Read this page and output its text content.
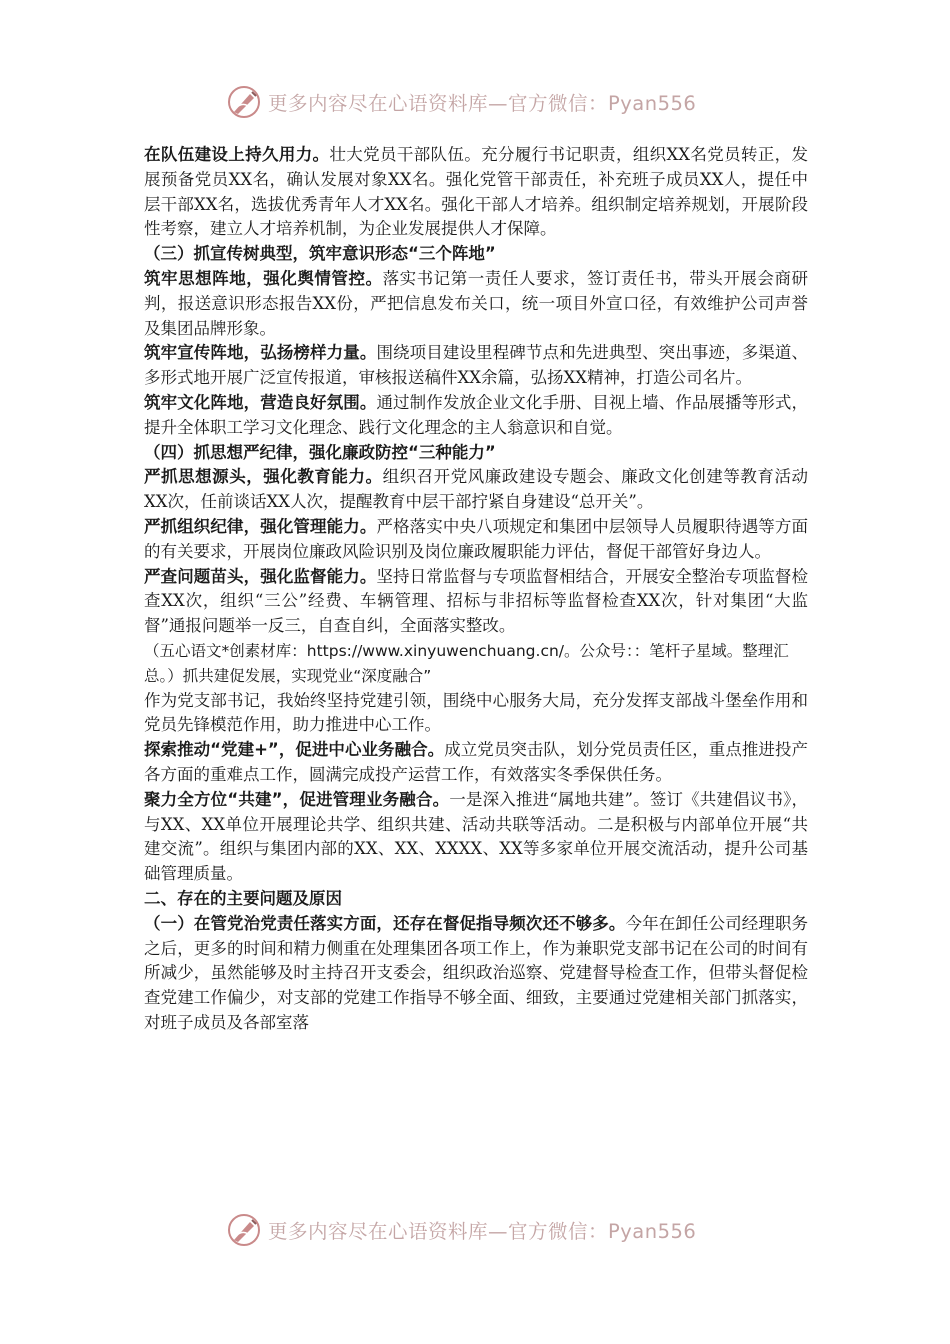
更多内容尽在心语资料库—官方微信：Pyan556

在队伍建设上持久用力。壮大党员干部队伍。充分履行书记职责，组织XX名党员转正，发展预备党员XX名，确认发展对象XX名。强化党管干部责任，补充班子成员XX人，提任中层干部XX名，选拔优秀青年人才XX名。强化干部人才培养。组织制定培养规划，开展阶段性考察，建立人才培养机制，为企业发展提供人才保障。

（三）抓宣传树典型，筑牢意识形态“三个阵地”

筑牢思想阵地，强化舆情管控。落实书记第一责任人要求，签订责任书，带头开展会商研判，报送意识形态报告XX份，严把信息发布关口，统一项目外宣口径，有效维护公司声誉及集团品牌形象。

筑牢宣传阵地，弘扬榜样力量。围绕项目建设里程碑节点和先进典型、突出事迹，多渠道、多形式地开展广泛宣传报道，审核报送稿件XX余篇，弘扬XX精神，打造公司名片。

筑牢文化阵地，营造良好氛围。通过制作发放企业文化手册、目视上墙、作品展播等形式，提升全体职工学习文化理念、践行文化理念的主人翁意识和自觉。

（四）抓思想严纪律，强化廉政防控“三种能力”

严抓思想源头，强化教育能力。组织召开党风廉政建设专题会、廉政文化创建等教育活动XX次，任前谈话XX人次，提醒教育中层干部拧紧自身建设“总开关”。

严抓组织纪律，强化管理能力。严格落实中央八项规定和集团中层领导人员履职待遇等方面的有关要求，开展岗位廉政风险识别及岗位廉政履职能力评估，督促干部管好身边人。

严查问题苗头，强化监督能力。坚持日常监督与专项监督相结合，开展安全整治专项监督检查XX次，组织“三公”经费、车辆管理、招标与非招标等监督检查XX次，针对集团“大监督”通报问题举一反三，自查自纠，全面落实整改。

（五心语文*创素材库：https://www.xinyuwenchuang.cn/。公众号：：笔杆子星域。整理汇总。）抓共建促发展，实现党业“深度融合”

作为党支部书记，我始终坚持党建引领，围绕中心服务大局，充分发挥支部战斗堡垒作用和党员先锋模范作用，助力推进中心工作。

探索推动“党建+”，促进中心业务融合。成立党员突击队，划分党员责任区，重点推进投产各方面的重难点工作，圆满完成投产运营工作，有效落实冬季保供任务。

聚力全方位“共建”，促进管理业务融合。一是深入推进“属地共建”。签订《共建倡议书》，与XX、XX单位开展理论共学、组织共建、活动共联等活动。二是积极与内部单位开展“共建交流”。组织与集团内部的XX、XX、XXXX、XX等多家单位开展交流活动，提升公司基础管理质量。

二、存在的主要问题及原因

（一）在管党治党责任落实方面，还存在督促指导频次还不够多。今年在卸任公司经理职务之后，更多的时间和精力侧重在处理集团各项工作上，作为兼职党支部书记在公司的时间有所减少，虽然能够及时主持召开支委会，组织政治巡察、党建督导检查工作，但带头督促检查党建工作偏少，对支部的党建工作指导不够全面、细致，主要通过党建相关部门抓落实，对班子成员及各部室落

更多内容尽在心语资料库—官方微信：Pyan556
